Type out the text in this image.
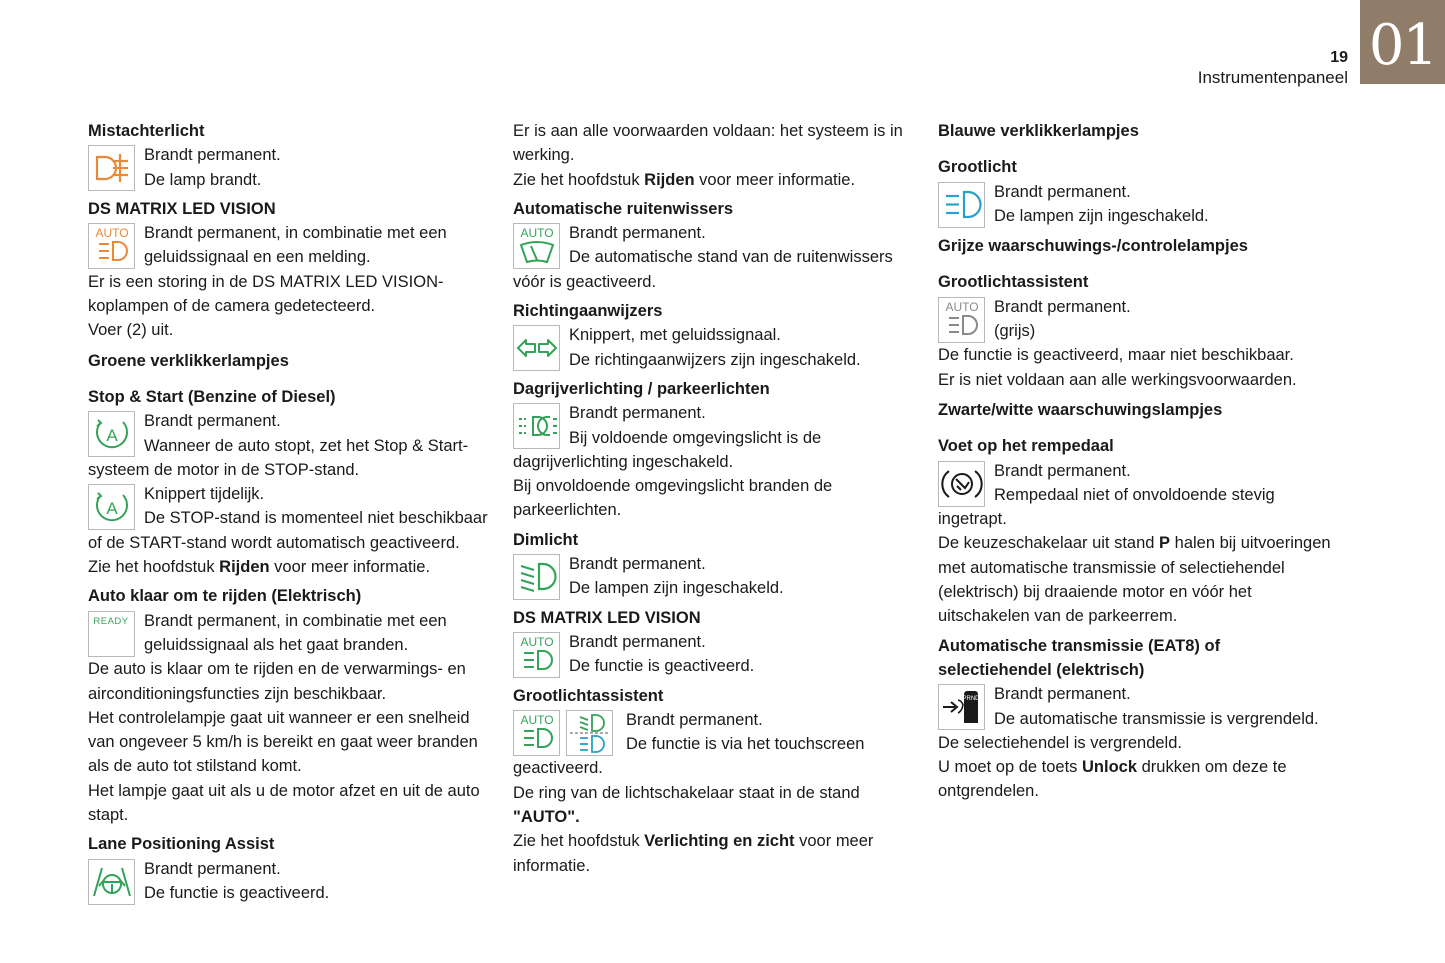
01
19
Instrumentenpaneel
Mistachterlicht
Brandt permanent.
De lamp brandt.
DS MATRIX LED VISION
AUTO Brandt permanent, in combinatie met een
geluidssignaal en een melding.
Er is een storing in de DS MATRIX LED VISION-
koplampen of de camera gedetecteerd.
Voer (2) uit.
Groene verklikkerlampjes
Stop & Start (Benzine of Diesel)
A
Brandt permanent.
Wanneer de auto stopt, zet het Stop & Start-
systeem de motor in de STOP-stand.
A
Knippert tijdelijk.
De STOP-stand is momenteel niet beschikbaar
of de START-stand wordt automatisch geactiveerd.
Zie het hoofdstuk Rijden voor meer informatie.
Auto klaar om te rijden (Elektrisch)
READY Brandt permanent, in combinatie met een
geluidssignaal als het gaat branden.
De auto is klaar om te rijden en de verwarmings- en
airconditioningsfuncties zijn beschikbaar.
Het controlelampje gaat uit wanneer er een snelheid
van ongeveer 5 km/h is bereikt en gaat weer branden
als de auto tot stilstand komt.
Het lampje gaat uit als u de motor afzet en uit de auto
stapt.
Lane Positioning Assist
Brandt permanent.
De functie is geactiveerd.
Er is aan alle voorwaarden voldaan: het systeem is in
werking.
Zie het hoofdstuk Rijden voor meer informatie.
Automatische ruitenwissers
AUTO Brandt permanent.
De automatische stand van de ruitenwissers
vóór is geactiveerd.
Richtingaanwijzers
Knippert, met geluidssignaal.
De richtingaanwijzers zijn ingeschakeld.
Dagrijverlichting / parkeerlichten
Brandt permanent.
Bij voldoende omgevingslicht is de
dagrijverlichting ingeschakeld.
Bij onvoldoende omgevingslicht branden de
parkeerlichten.
Dimlicht
Brandt permanent.
De lampen zijn ingeschakeld.
DS MATRIX LED VISION
AUTO Brandt permanent.
De functie is geactiveerd.
Grootlichtassistent
AUTO	Brandt permanent.
De functie is via het touchscreen
geactiveerd.
De ring van de lichtschakelaar staat in de stand
"AUTO".
Zie het hoofdstuk Verlichting en zicht voor meer
informatie.
Blauwe verklikkerlampjes
Grootlicht
Brandt permanent.
De lampen zijn ingeschakeld.
Grijze waarschuwings-/controlelampjes
Grootlichtassistent
AUTO Brandt permanent.
(grijs)
De functie is geactiveerd, maar niet beschikbaar.
Er is niet voldaan aan alle werkingsvoorwaarden.
Zwarte/witte waarschuwingslampjes
Voet op het rempedaal
Brandt permanent.
Rempedaal niet of onvoldoende stevig
ingetrapt.
De keuzeschakelaar uit stand P halen bij uitvoeringen
met automatische transmissie of selectiehendel
(elektrisch) bij draaiende motor en vóór het
uitschakelen van de parkeerrem.
Automatische transmissie (EAT8) of
selectiehendel (elektrisch)
PRND Brandt permanent.
De automatische transmissie is vergrendeld.
De selectiehendel is vergrendeld.
U moet op de toets Unlock drukken om deze te
ontgrendelen.
